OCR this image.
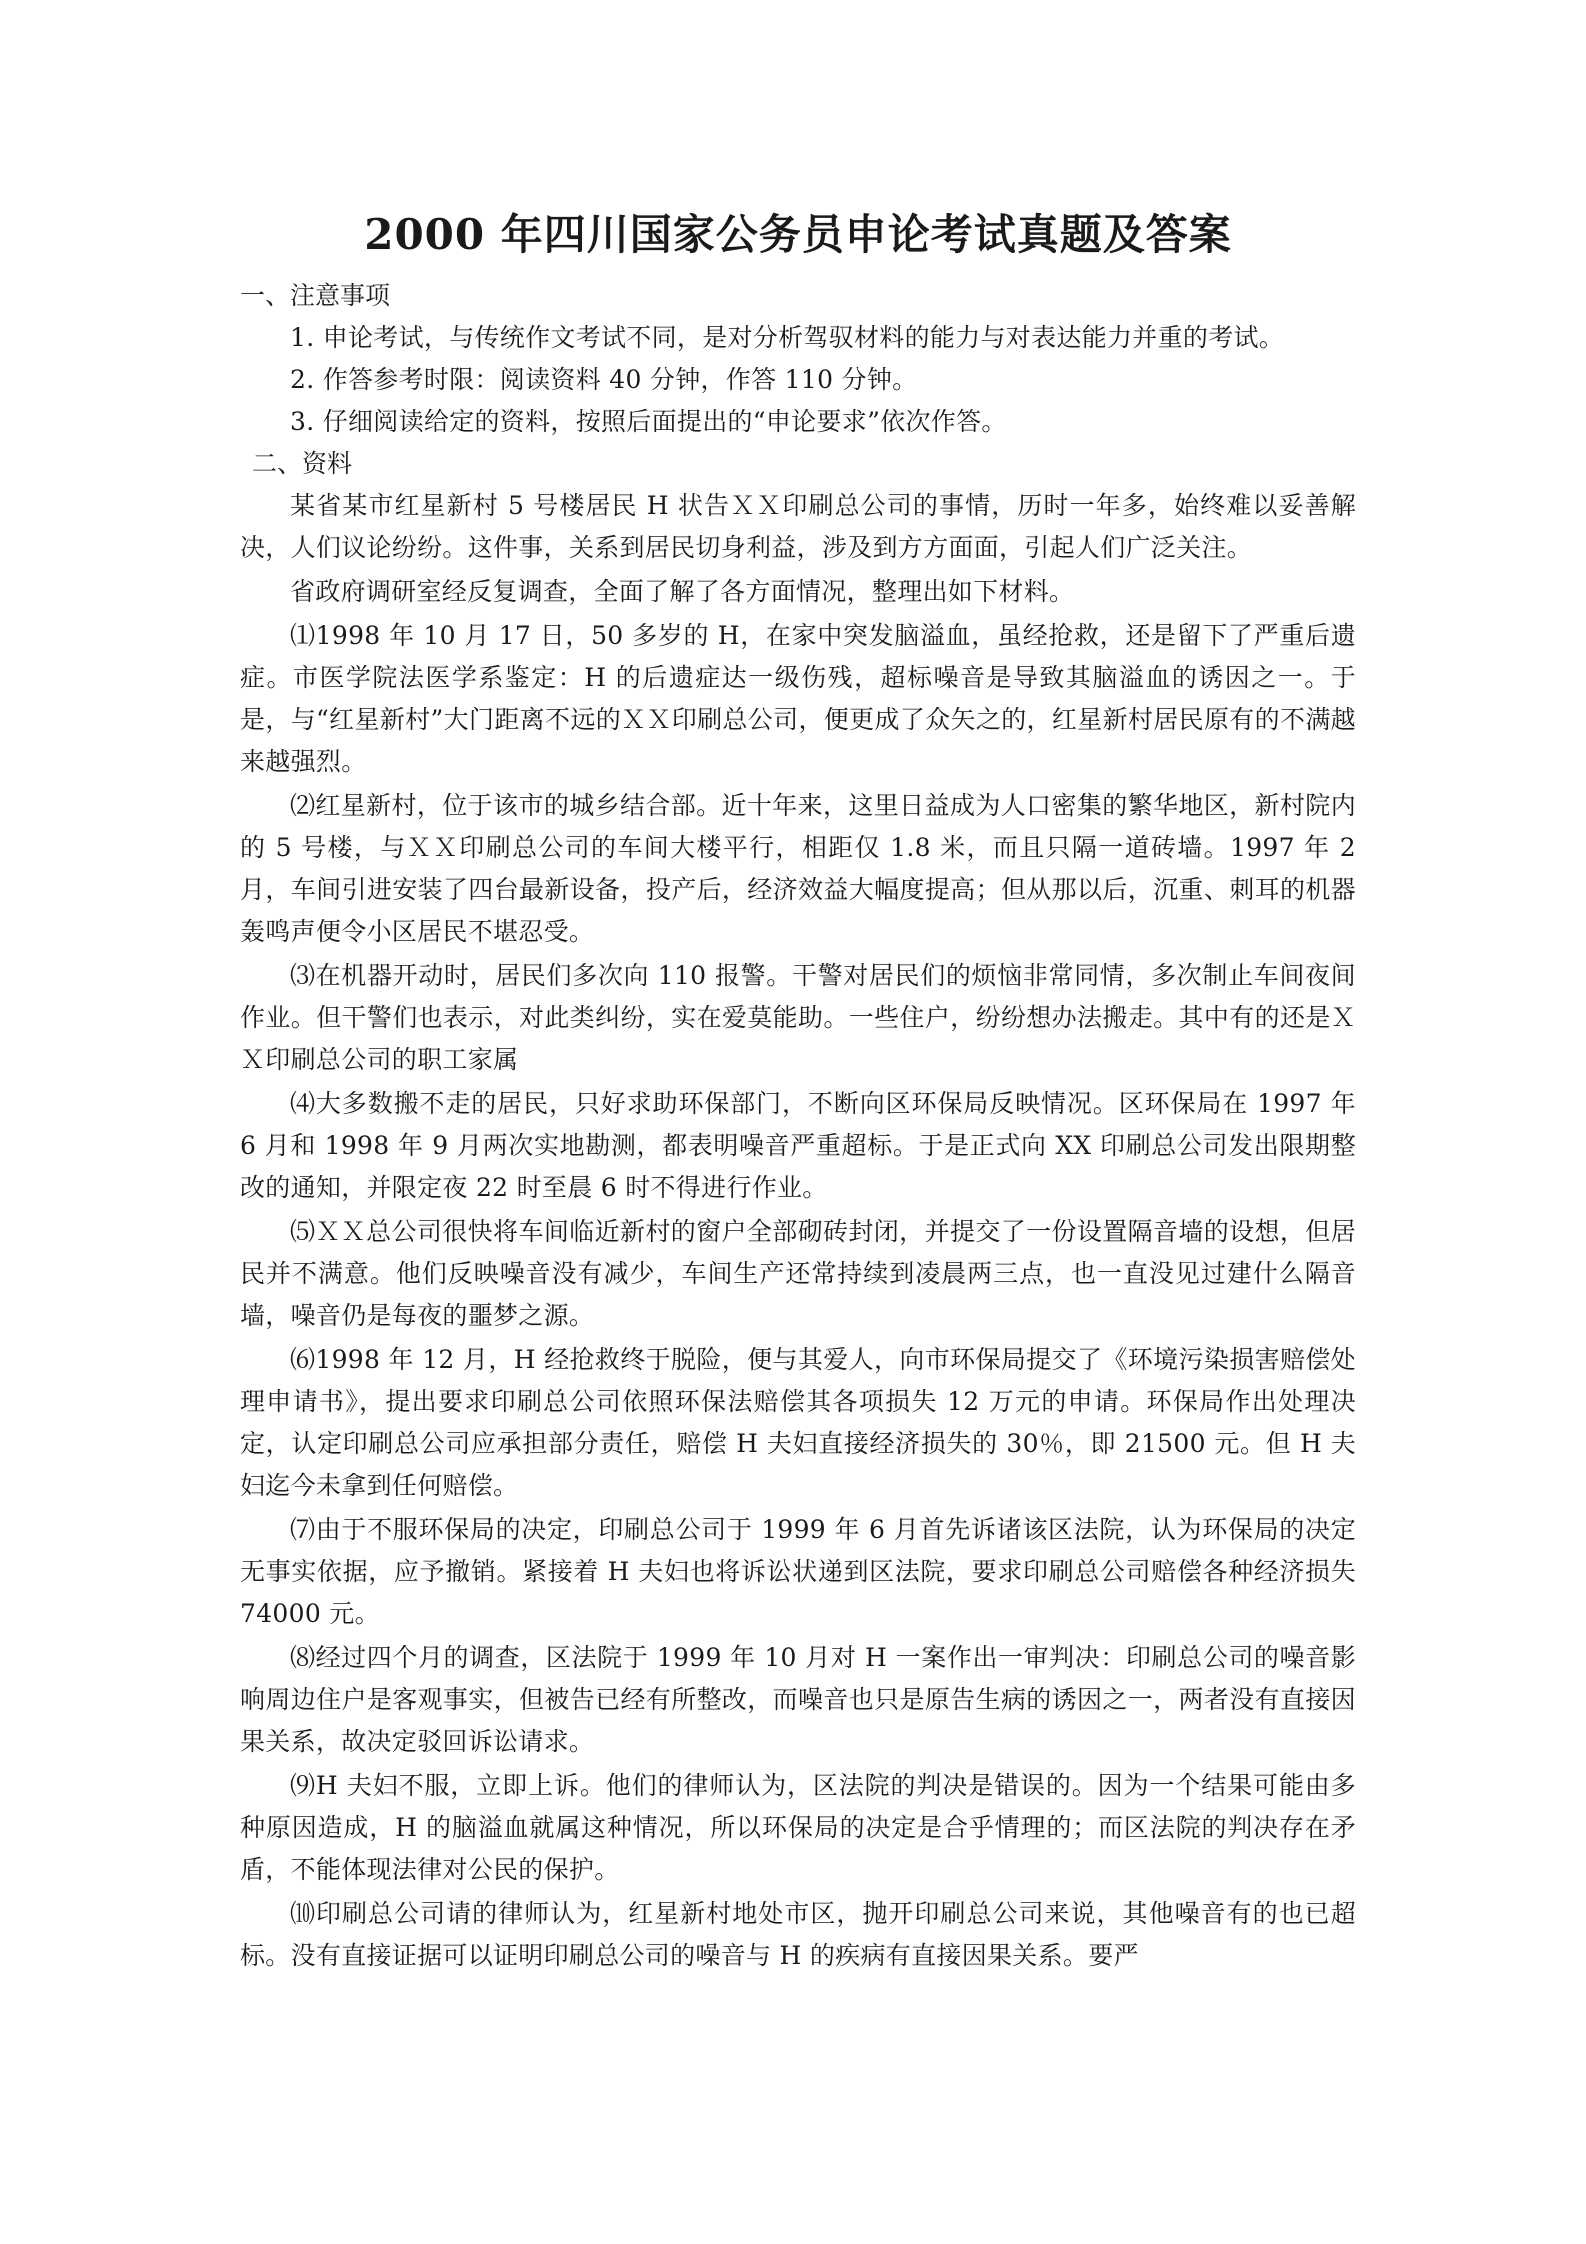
2000 年四川国家公务员申论考试真题及答案

一、注意事项

1. 申论考试，与传统作文考试不同，是对分析驾驭材料的能力与对表达能力并重的考试。

2. 作答参考时限：阅读资料 40 分钟，作答 110 分钟。

3. 仔细阅读给定的资料，按照后面提出的“申论要求”依次作答。

二、资料

某省某市红星新村 5 号楼居民 H 状告ＸＸ印刷总公司的事情，历时一年多，始终难以妥善解决，人们议论纷纷。这件事，关系到居民切身利益，涉及到方方面面，引起人们广泛关注。

省政府调研室经反复调查，全面了解了各方面情况，整理出如下材料。

⑴1998 年 10 月 17 日，50 多岁的 H，在家中突发脑溢血，虽经抢救，还是留下了严重后遗症。市医学院法医学系鉴定：H 的后遗症达一级伤残，超标噪音是导致其脑溢血的诱因之一。于是，与“红星新村”大门距离不远的ＸＸ印刷总公司，便更成了众矢之的，红星新村居民原有的不满越来越强烈。

⑵红星新村，位于该市的城乡结合部。近十年来，这里日益成为人口密集的繁华地区，新村院内的 5 号楼，与ＸＸ印刷总公司的车间大楼平行，相距仅 1.8 米，而且只隔一道砖墙。1997 年 2 月，车间引进安装了四台最新设备，投产后，经济效益大幅度提高；但从那以后，沉重、刺耳的机器轰鸣声便令小区居民不堪忍受。

⑶在机器开动时，居民们多次向 110 报警。干警对居民们的烦恼非常同情，多次制止车间夜间作业。但干警们也表示，对此类纠纷，实在爱莫能助。一些住户，纷纷想办法搬走。其中有的还是ＸＸ印刷总公司的职工家属

⑷大多数搬不走的居民，只好求助环保部门，不断向区环保局反映情况。区环保局在 1997 年 6 月和 1998 年 9 月两次实地勘测，都表明噪音严重超标。于是正式向 XX 印刷总公司发出限期整改的通知，并限定夜 22 时至晨 6 时不得进行作业。

⑸ＸＸ总公司很快将车间临近新村的窗户全部砌砖封闭，并提交了一份设置隔音墙的设想，但居民并不满意。他们反映噪音没有减少，车间生产还常持续到凌晨两三点，也一直没见过建什么隔音墙，噪音仍是每夜的噩梦之源。

⑹1998 年 12 月，H 经抢救终于脱险，便与其爱人，向市环保局提交了《环境污染损害赔偿处理申请书》，提出要求印刷总公司依照环保法赔偿其各项损失 12 万元的申请。环保局作出处理决定，认定印刷总公司应承担部分责任，赔偿 H 夫妇直接经济损失的 30％，即 21500 元。但 H 夫妇迄今未拿到任何赔偿。

⑺由于不服环保局的决定，印刷总公司于 1999 年 6 月首先诉诸该区法院，认为环保局的决定无事实依据，应予撤销。紧接着 H 夫妇也将诉讼状递到区法院，要求印刷总公司赔偿各种经济损失 74000 元。

⑻经过四个月的调查，区法院于 1999 年 10 月对 H 一案作出一审判决：印刷总公司的噪音影响周边住户是客观事实，但被告已经有所整改，而噪音也只是原告生病的诱因之一，两者没有直接因果关系，故决定驳回诉讼请求。

⑼H 夫妇不服，立即上诉。他们的律师认为，区法院的判决是错误的。因为一个结果可能由多种原因造成，H 的脑溢血就属这种情况，所以环保局的决定是合乎情理的；而区法院的判决存在矛盾，不能体现法律对公民的保护。

⑽印刷总公司请的律师认为，红星新村地处市区，抛开印刷总公司来说，其他噪音有的也已超标。没有直接证据可以证明印刷总公司的噪音与 H 的疾病有直接因果关系。要严
